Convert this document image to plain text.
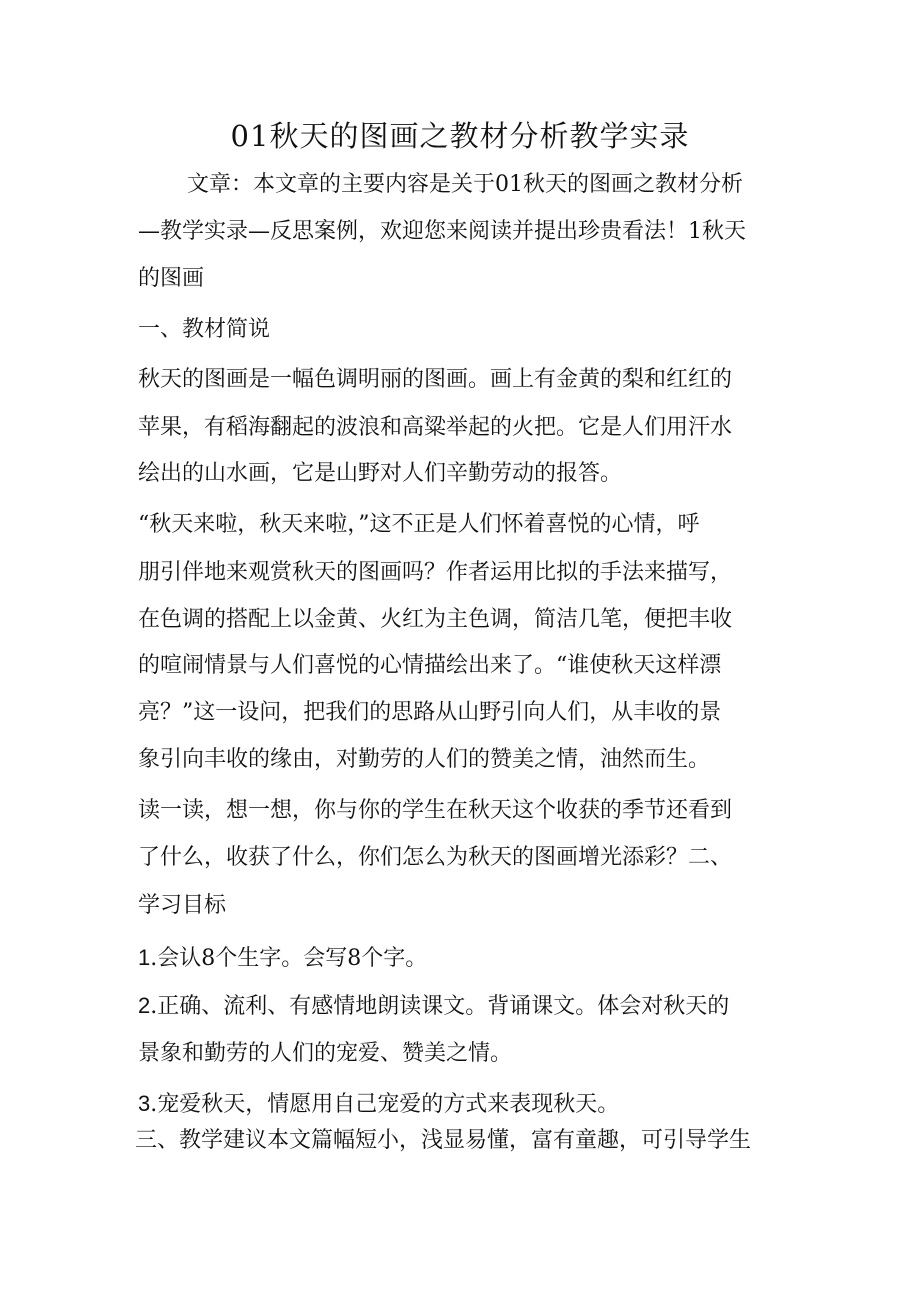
01秋天的图画之教材分析教学实录
文章：本文章的主要内容是关于01秋天的图画之教材分析
—教学实录—反思案例，欢迎您来阅读并提出珍贵看法！1秋天
的图画
一、教材简说
秋天的图画是一幅色调明丽的图画。画上有金黄的梨和红红的
苹果，有稻海翻起的波浪和高粱举起的火把。它是人们用汗水
绘出的山水画，它是山野对人们辛勤劳动的报答。
“秋天来啦，秋天来啦，”这不正是人们怀着喜悦的心情，呼
朋引伴地来观赏秋天的图画吗？作者运用比拟的手法来描写，
在色调的搭配上以金黄、火红为主色调，简洁几笔，便把丰收
的喧闹情景与人们喜悦的心情描绘出来了。“谁使秋天这样漂
亮？”这一设问，把我们的思路从山野引向人们，从丰收的景
象引向丰收的缘由，对勤劳的人们的赞美之情，油然而生。
读一读，想一想，你与你的学生在秋天这个收获的季节还看到
了什么，收获了什么，你们怎么为秋天的图画增光添彩？二、
学习目标
1.会认8个生字。会写8个字。
2.正确、流利、有感情地朗读课文。背诵课文。体会对秋天的
景象和勤劳的人们的宠爱、赞美之情。
3.宠爱秋天，情愿用自己宠爱的方式来表现秋天。
三、教学建议本文篇幅短小，浅显易懂，富有童趣，可引导学生
